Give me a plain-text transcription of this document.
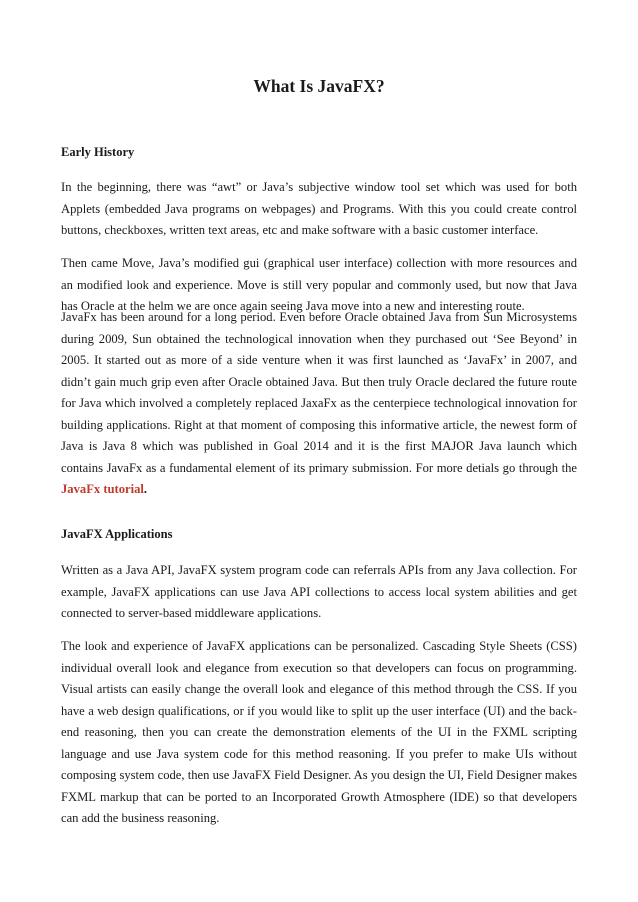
What Is JavaFX?
Early History
In the beginning, there was “awt” or Java’s subjective window tool set which was used for both Applets (embedded Java programs on webpages) and Programs. With this you could create control buttons, checkboxes, written text areas, etc and make software with a basic customer interface.
Then came Move, Java’s modified gui (graphical user interface) collection with more resources and an modified look and experience. Move is still very popular and commonly used, but now that Java has Oracle at the helm we are once again seeing Java move into a new and interesting route.
JavaFx has been around for a long period. Even before Oracle obtained Java from Sun Microsystems during 2009, Sun obtained the technological innovation when they purchased out ‘See Beyond’ in 2005. It started out as more of a side venture when it was first launched as ‘JavaFx’ in 2007, and didn’t gain much grip even after Oracle obtained Java. But then truly Oracle declared the future route for Java which involved a completely replaced JaxaFx as the centerpiece technological innovation for building applications. Right at that moment of composing this informative article, the newest form of Java is Java 8 which was published in Goal 2014 and it is the first MAJOR Java launch which contains JavaFx as a fundamental element of its primary submission. For more detials go through the JavaFx tutorial.
JavaFX Applications
Written as a Java API, JavaFX system program code can referrals APIs from any Java collection. For example, JavaFX applications can use Java API collections to access local system abilities and get connected to server-based middleware applications.
The look and experience of JavaFX applications can be personalized. Cascading Style Sheets (CSS) individual overall look and elegance from execution so that developers can focus on programming. Visual artists can easily change the overall look and elegance of this method through the CSS. If you have a web design qualifications, or if you would like to split up the user interface (UI) and the back-end reasoning, then you can create the demonstration elements of the UI in the FXML scripting language and use Java system code for this method reasoning. If you prefer to make UIs without composing system code, then use JavaFX Field Designer. As you design the UI, Field Designer makes FXML markup that can be ported to an Incorporated Growth Atmosphere (IDE) so that developers can add the business reasoning.
